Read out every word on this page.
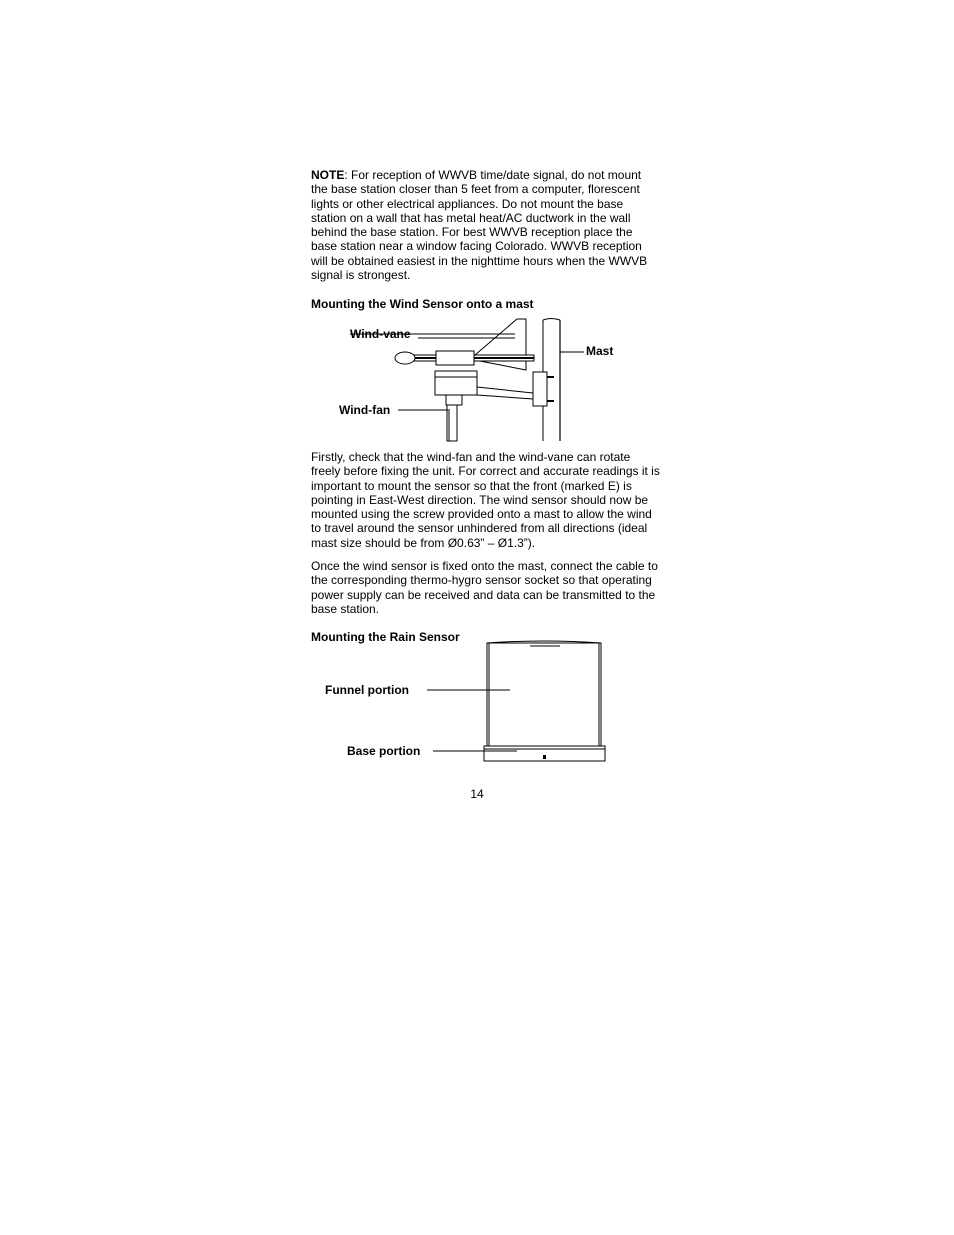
NOTE: For reception of WWVB time/date signal, do not mount the base station closer than 5 feet from a computer, florescent lights or other electrical appliances. Do not mount the base station on a wall that has metal heat/AC ductwork in the wall behind the base station. For best WWVB reception place the base station near a window facing Colorado. WWVB reception will be obtained easiest in the nighttime hours when the WWVB signal is strongest.

Mounting the Wind Sensor onto a mast

Wind-vane
Mast
Wind-fan

Firstly, check that the wind-fan and the wind-vane can rotate freely before fixing the unit. For correct and accurate readings it is important to mount the sensor so that the front (marked E) is pointing in East-West direction. The wind sensor should now be mounted using the screw provided onto a mast to allow the wind to travel around the sensor unhindered from all directions (ideal mast size should be from Ø0.63” – Ø1.3”).

Once the wind sensor is fixed onto the mast, connect the cable to the corresponding thermo-hygro sensor socket so that operating power supply can be received and data can be transmitted to the base station.

Mounting the Rain Sensor

Funnel portion
Base portion
14
